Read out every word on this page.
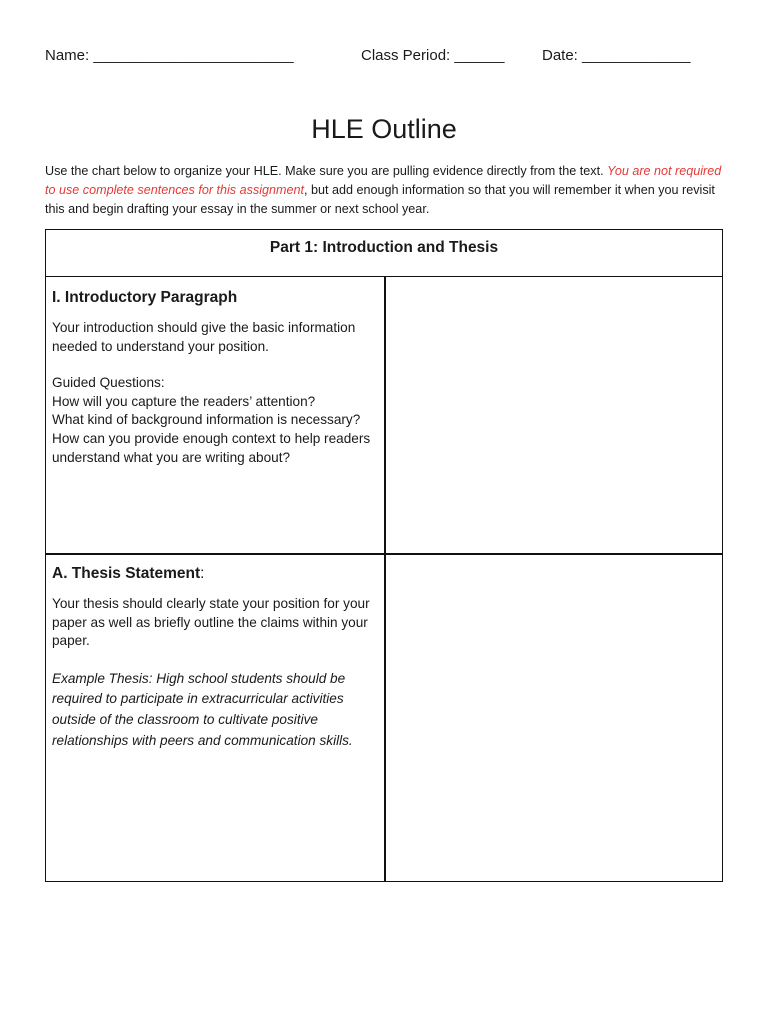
Name: ________________________	Class Period: ______	Date: _____________
HLE Outline

Use the chart below to organize your HLE. Make sure you are pulling evidence directly from the text. You are not required to use complete sentences for this assignment, but add enough information so that you will remember it when you revisit this and begin drafting your essay in the summer or next school year.

Part 1: Introduction and Thesis
I. Introductory Paragraph

Your introduction should give the basic information needed to understand your position.

Guided Questions:

How will you capture the readers’ attention?

What kind of background information is necessary?

How can you provide enough context to help readers understand what you are writing about?

A. Thesis Statement:

Your thesis should clearly state your position for your paper as well as briefly outline the claims within your paper.

Example Thesis: High school students should be required to participate in extracurricular activities outside of the classroom to cultivate positive relationships with peers and communication skills.
